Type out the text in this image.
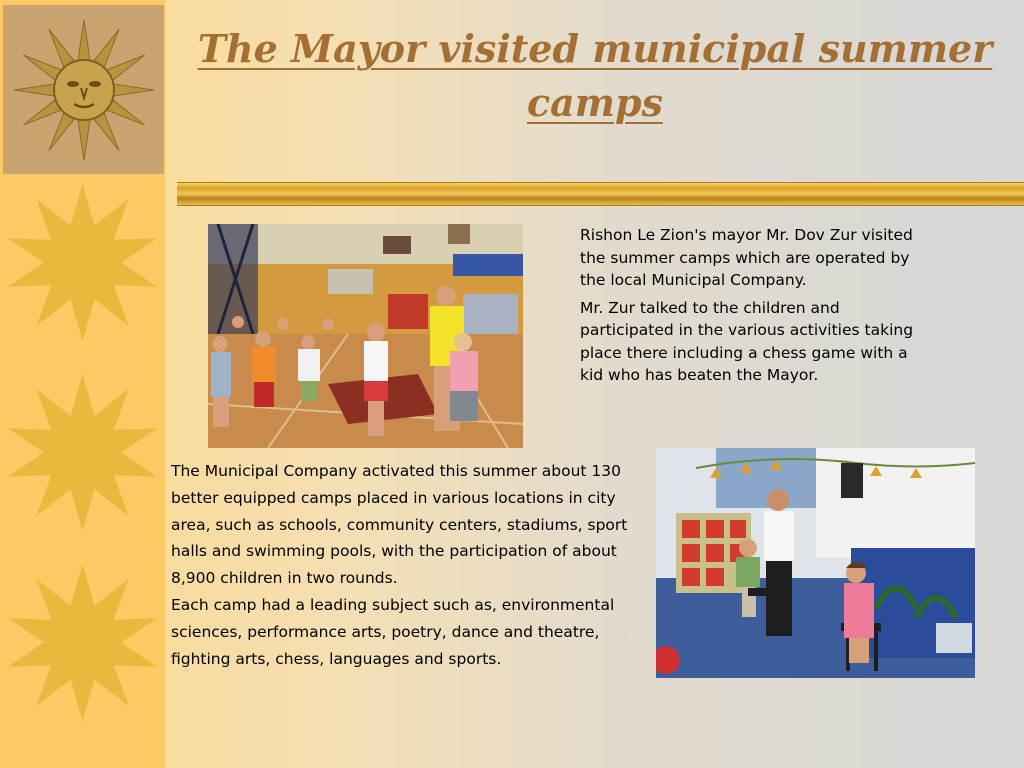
The Mayor visited municipal summer camps

Rishon Le Zion's mayor Mr. Dov Zur visited the summer camps which are operated by the local Municipal Company.

Mr. Zur talked to the children and participated in the various activities taking place there including a chess game with a kid who has beaten the Mayor.

The Municipal Company activated this summer about 130 better equipped camps placed in various locations in city area, such as schools, community centers, stadiums, sport halls and swimming pools, with the participation of about 8,900 children in two rounds.

Each camp had a leading subject such as, environmental sciences, performance arts, poetry, dance and theatre, fighting arts, chess, languages and sports.
